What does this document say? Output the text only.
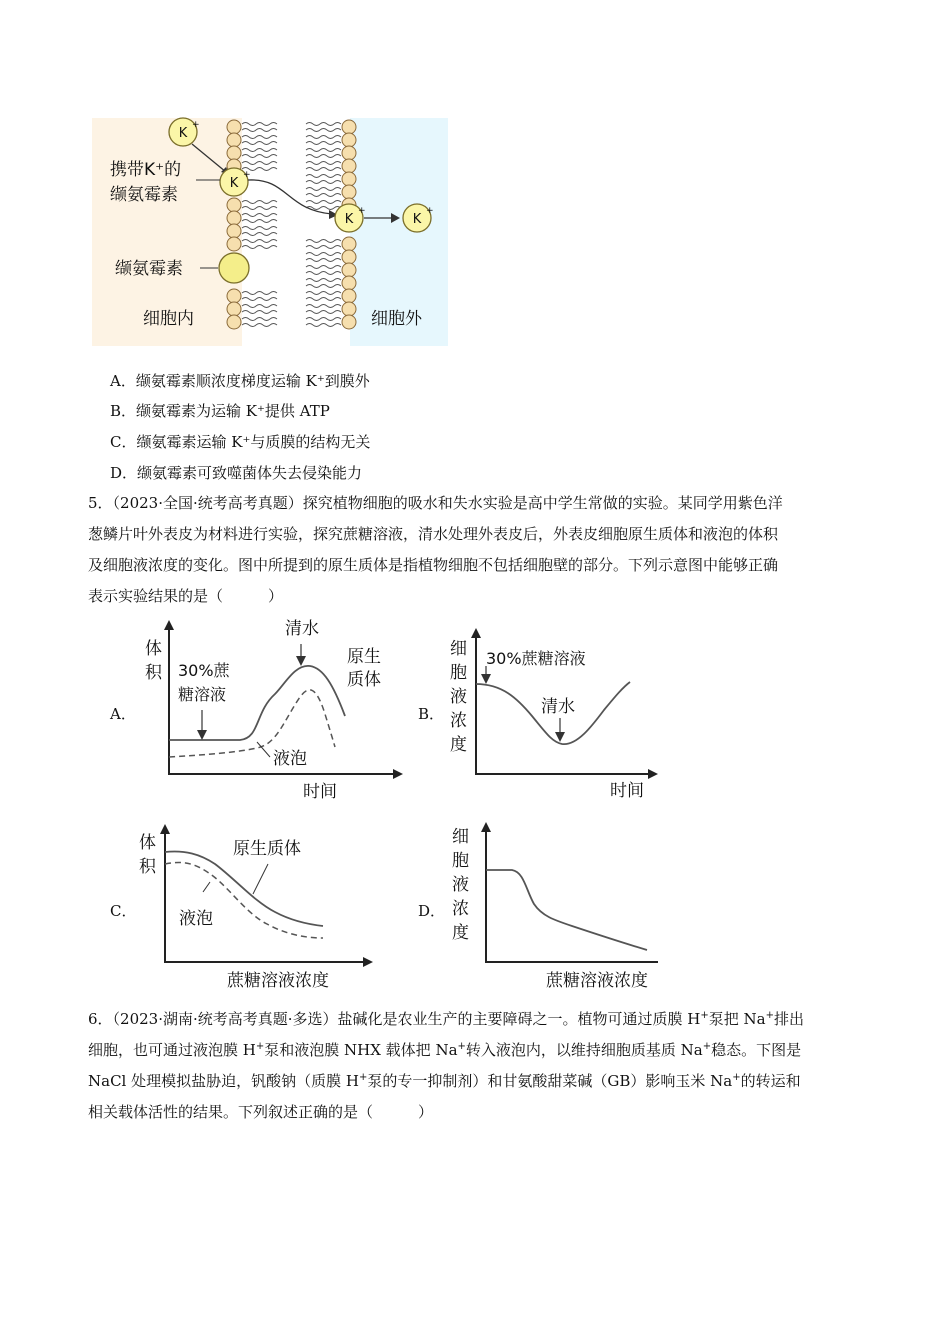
K
+
K
+
K
+
K
+
携带K⁺的
缬氨霉素
缬氨霉素
细胞内	细胞外
A．缬氨霉素顺浓度梯度运输 K⁺到膜外
B．缬氨霉素为运输 K⁺提供 ATP
C．缬氨霉素运输 K⁺与质膜的结构无关
D．缬氨霉素可致噬菌体失去侵染能力

5．（2023·全国·统考高考真题）探究植物细胞的吸水和失水实验是高中学生常做的实验。某同学用紫色洋

葱鳞片叶外表皮为材料进行实验，探究蔗糖溶液，清水处理外表皮后，外表皮细胞原生质体和液泡的体积

及细胞液浓度的变化。图中所提到的原生质体是指植物细胞不包括细胞壁的部分。下列示意图中能够正确

表示实验结果的是（　　　）

A．
体
积
时间
30%蔗
糖溶液
清水
原生
质体
液泡
B．
细
胞
液
浓
度
30%蔗糖溶液
清水
时间
C．
体
积
原生质体
液泡
蔗糖溶液浓度
D．
细
胞
液
浓
度
蔗糖溶液浓度

6．（2023·湖南·统考高考真题·多选）盐碱化是农业生产的主要障碍之一。植物可通过质膜 H+泵把 Na+排出

细胞，也可通过液泡膜 H+泵和液泡膜 NHX 载体把 Na+转入液泡内，以维持细胞质基质 Na+稳态。下图是

NaCl 处理模拟盐胁迫，钒酸钠（质膜 H+泵的专一抑制剂）和甘氨酸甜菜碱（GB）影响玉米 Na+的转运和

相关载体活性的结果。下列叙述正确的是（　　　）
